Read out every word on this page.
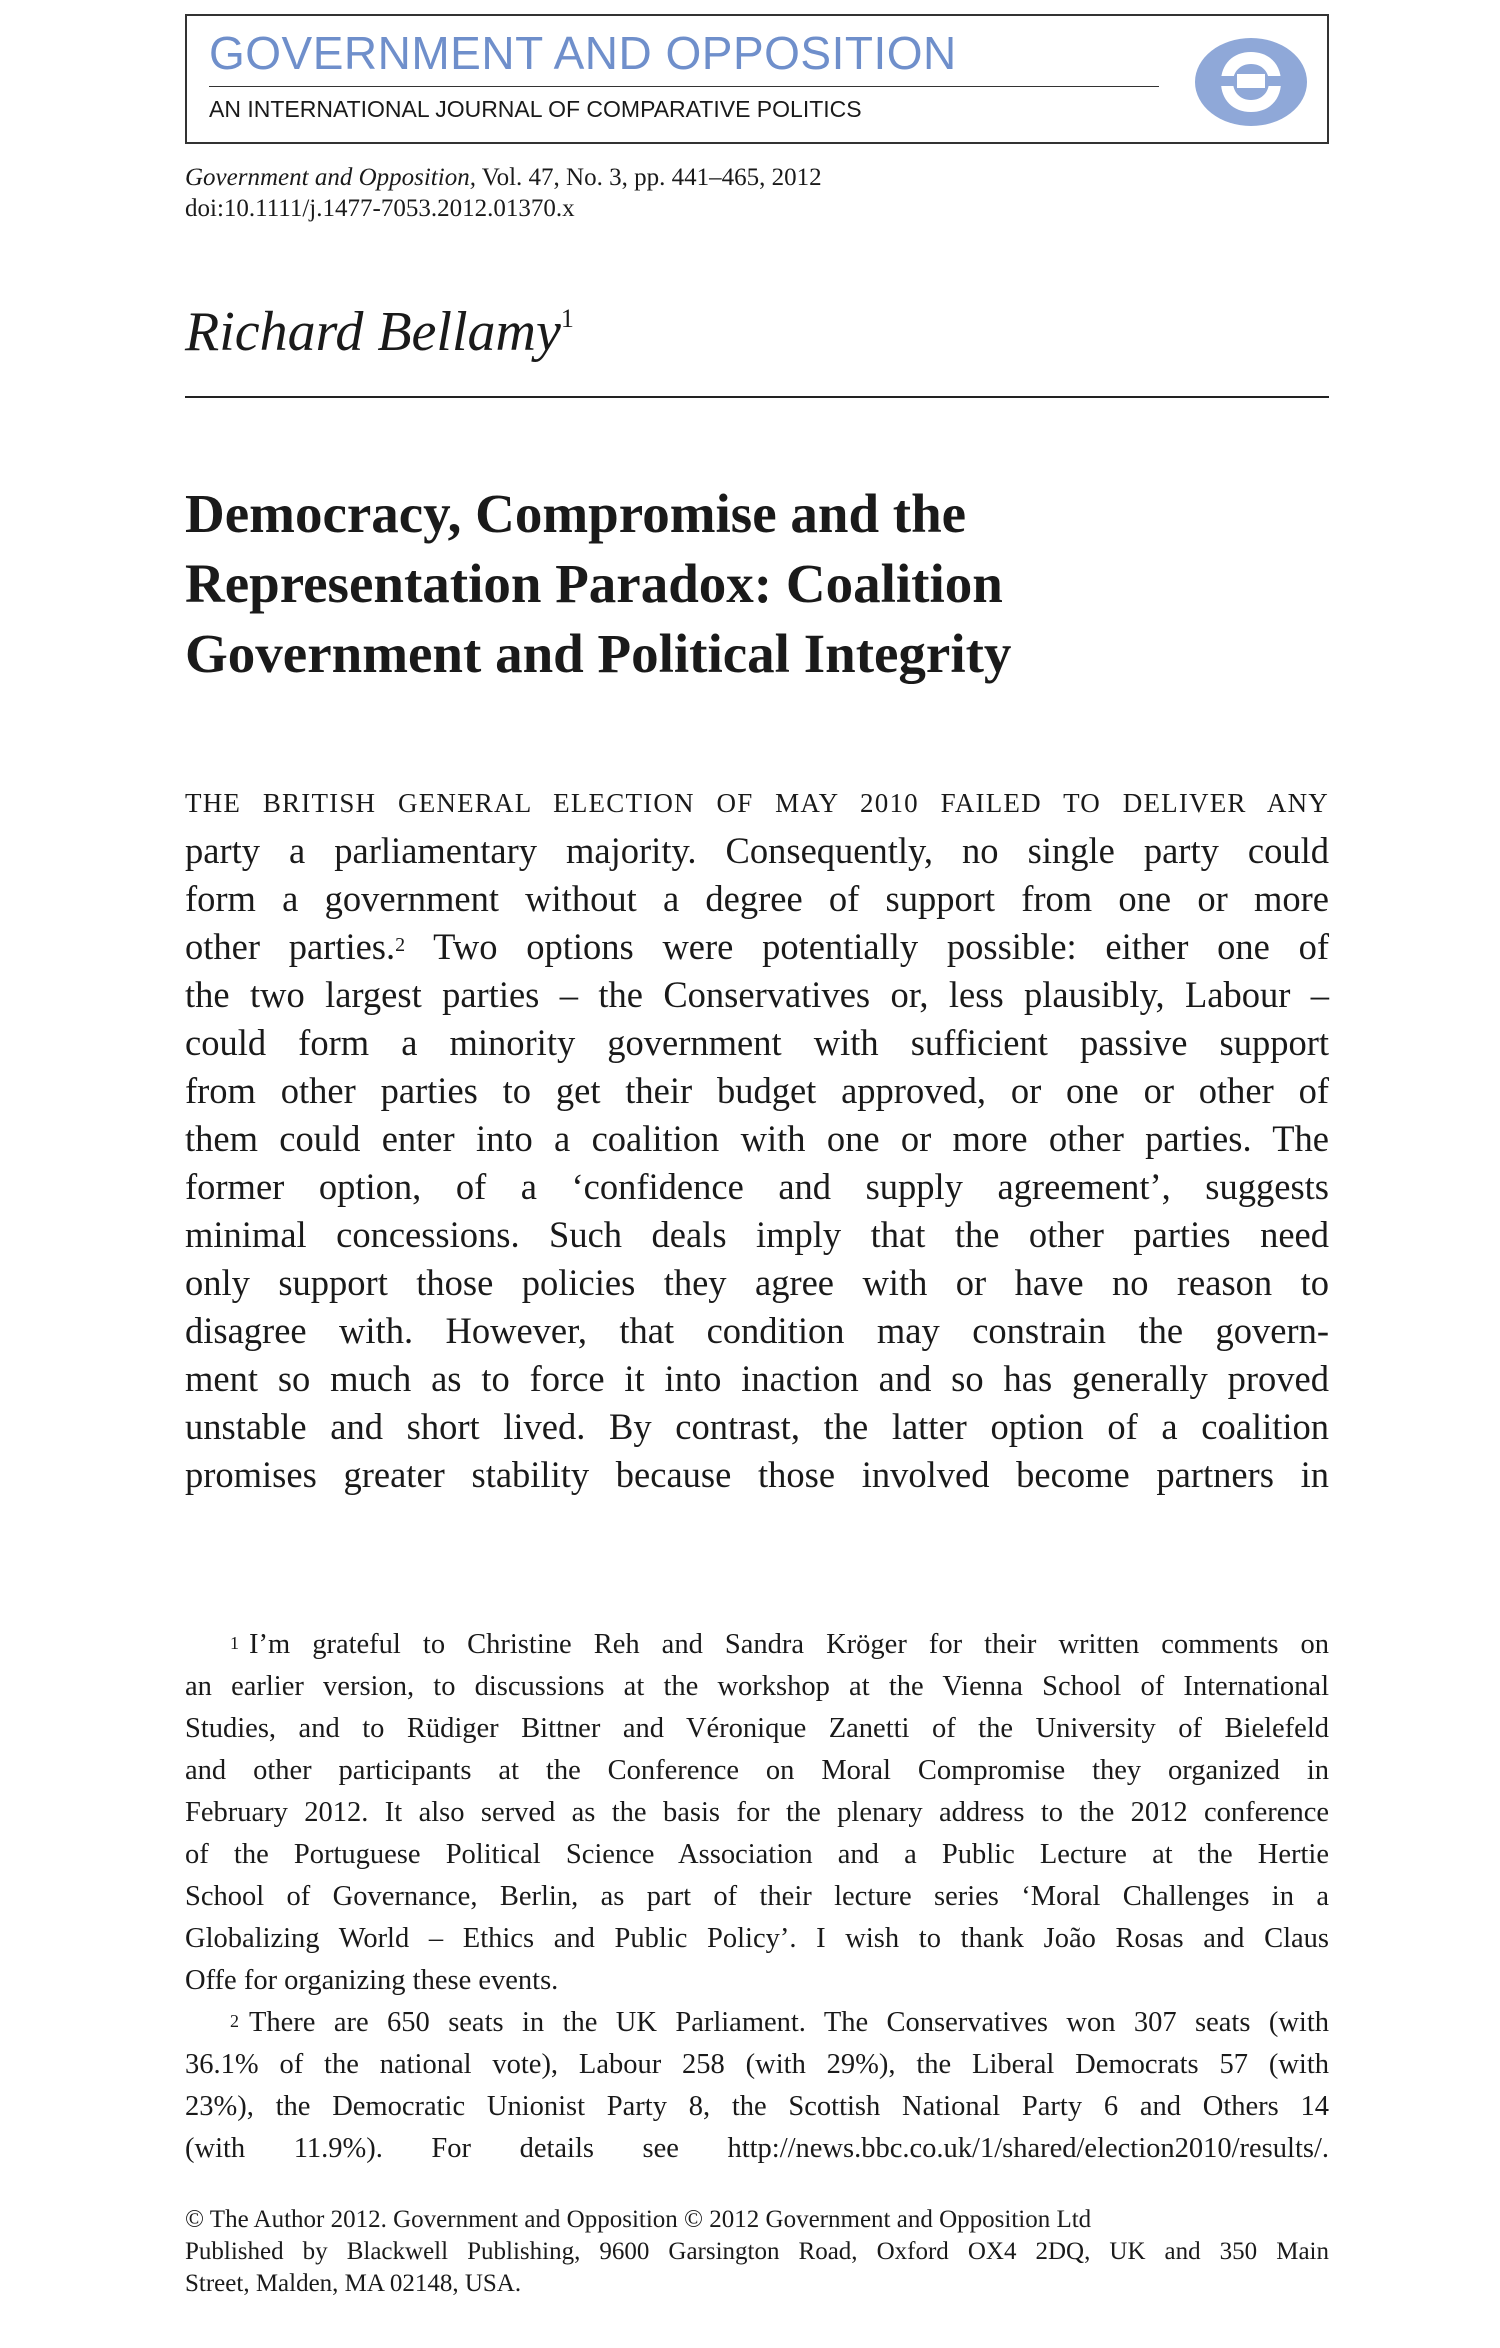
GOVERNMENT AND OPPOSITION
AN INTERNATIONAL JOURNAL OF COMPARATIVE POLITICS
Government and Opposition, Vol. 47, No. 3, pp. 441–465, 2012
doi:10.1111/j.1477-7053.2012.01370.x
Richard Bellamy$^1$
Democracy, Compromise and the
Representation Paradox: Coalition
Government and Political Integrity
THE BRITISH GENERAL ELECTION OF MAY 2010 FAILED TO DELIVER ANY
party a parliamentary majority. Consequently, no single party could
form a government without a degree of support from one or more
other parties.$^2$ Two options were potentially possible: either one of
the two largest parties – the Conservatives or, less plausibly, Labour –
could form a minority government with sufficient passive support
from other parties to get their budget approved, or one or other of
them could enter into a coalition with one or more other parties. The
former option, of a ‘confidence and supply agreement’, suggests
minimal concessions. Such deals imply that the other parties need
only support those policies they agree with or have no reason to
disagree with. However, that condition may constrain the govern-
ment so much as to force it into inaction and so has generally proved
unstable and short lived. By contrast, the latter option of a coalition
promises greater stability because those involved become partners in
$^1$ I’m grateful to Christine Reh and Sandra Kröger for their written comments on
an earlier version, to discussions at the workshop at the Vienna School of International
Studies, and to Rüdiger Bittner and Véronique Zanetti of the University of Bielefeld
and other participants at the Conference on Moral Compromise they organized in
February 2012. It also served as the basis for the plenary address to the 2012 conference
of the Portuguese Political Science Association and a Public Lecture at the Hertie
School of Governance, Berlin, as part of their lecture series ‘Moral Challenges in a
Globalizing World – Ethics and Public Policy’. I wish to thank João Rosas and Claus
Offe for organizing these events.
$^2$ There are 650 seats in the UK Parliament. The Conservatives won 307 seats (with
36.1% of the national vote), Labour 258 (with 29%), the Liberal Democrats 57 (with
23%), the Democratic Unionist Party 8, the Scottish National Party 6 and Others 14
(with 11.9%). For details see http://news.bbc.co.uk/1/shared/election2010/results/.
© The Author 2012. Government and Opposition © 2012 Government and Opposition Ltd
Published by Blackwell Publishing, 9600 Garsington Road, Oxford OX4 2DQ, UK and 350 Main
Street, Malden, MA 02148, USA.
